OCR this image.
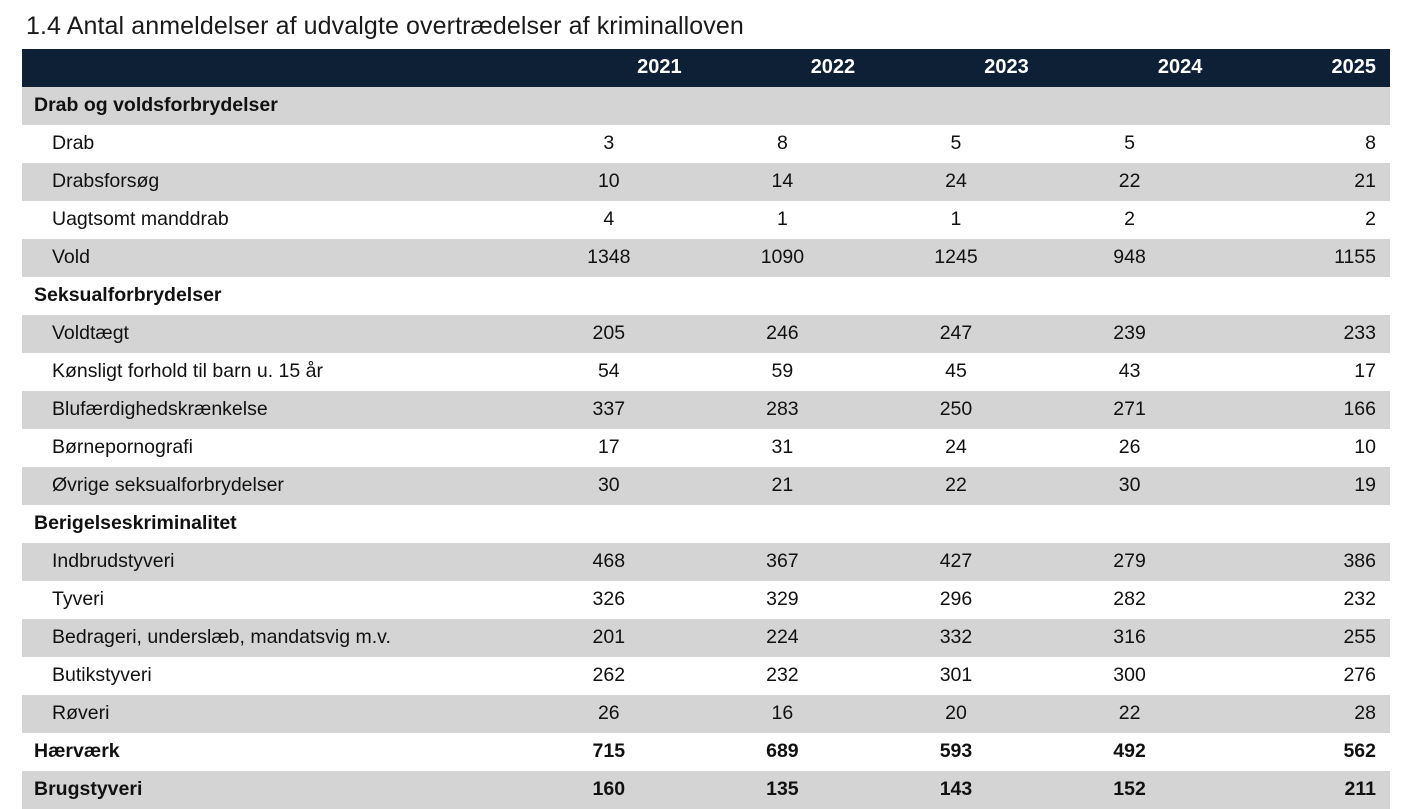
1.4 Antal anmeldelser af udvalgte overtrædelser af kriminalloven
	2021	2022	2023	2024	2025
Drab og voldsforbrydelser					
Drab	3	8	5	5	8
Drabsforsøg	10	14	24	22	21
Uagtsomt manddrab	4	1	1	2	2
Vold	1348	1090	1245	948	1155
Seksualforbrydelser					
Voldtægt	205	246	247	239	233
Kønsligt forhold til barn u. 15 år	54	59	45	43	17
Blufærdighedskrænkelse	337	283	250	271	166
Børnepornografi	17	31	24	26	10
Øvrige seksualforbrydelser	30	21	22	30	19
Berigelseskriminalitet					
Indbrudstyveri	468	367	427	279	386
Tyveri	326	329	296	282	232
Bedrageri, underslæb, mandatsvig m.v.	201	224	332	316	255
Butikstyveri	262	232	301	300	276
Røveri	26	16	20	22	28
Hærværk	715	689	593	492	562
Brugstyveri	160	135	143	152	211
